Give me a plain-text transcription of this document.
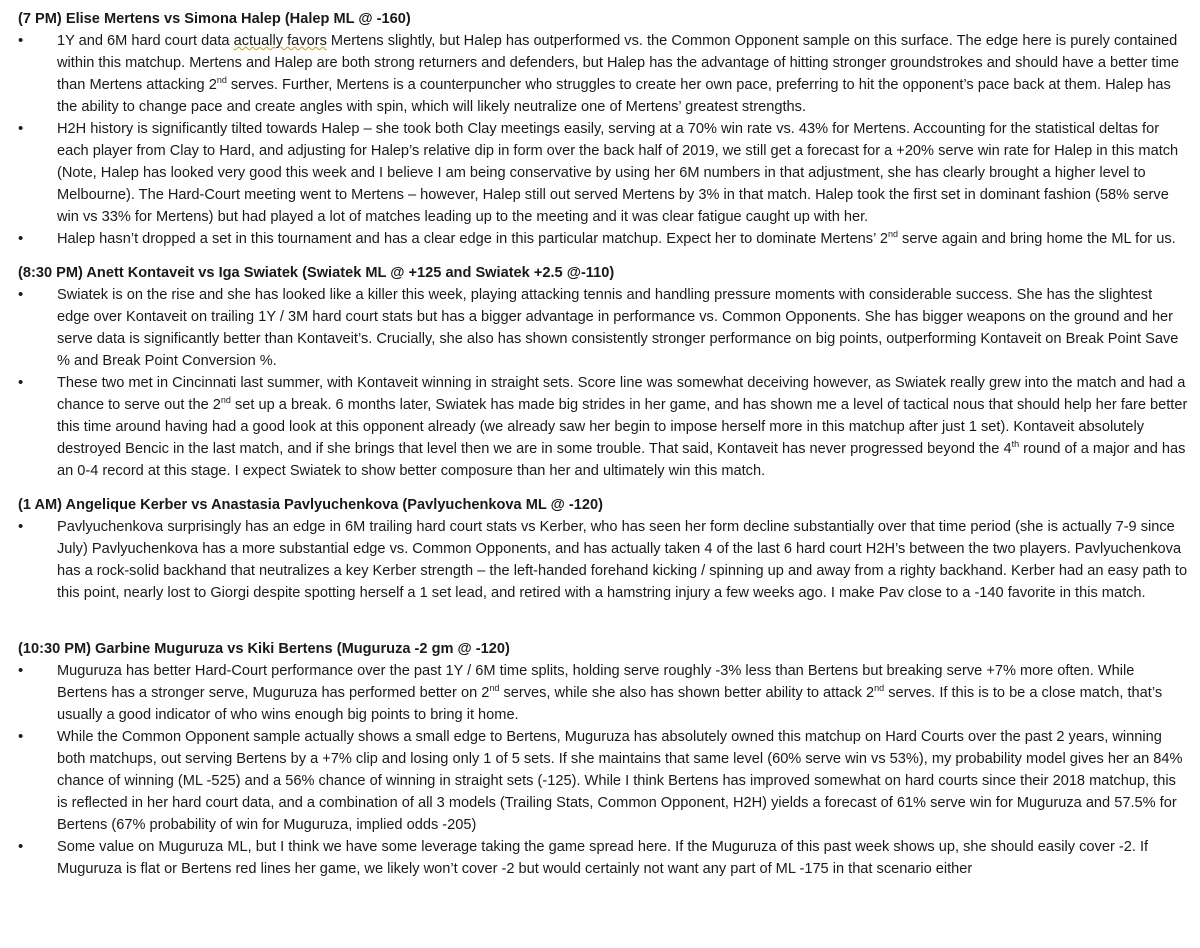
(7 PM) Elise Mertens vs Simona Halep (Halep ML @ -160)
• 1Y and 6M hard court data actually favors Mertens slightly, but Halep has outperformed vs. the Common Opponent sample on this surface. The edge here is purely contained within this matchup. Mertens and Halep are both strong returners and defenders, but Halep has the advantage of hitting stronger groundstrokes and should have a better time than Mertens attacking 2nd serves. Further, Mertens is a counterpuncher who struggles to create her own pace, preferring to hit the opponent’s pace back at them. Halep has the ability to change pace and create angles with spin, which will likely neutralize one of Mertens’ greatest strengths.
• H2H history is significantly tilted towards Halep – she took both Clay meetings easily, serving at a 70% win rate vs. 43% for Mertens. Accounting for the statistical deltas for each player from Clay to Hard, and adjusting for Halep’s relative dip in form over the back half of 2019, we still get a forecast for a +20% serve win rate for Halep in this match (Note, Halep has looked very good this week and I believe I am being conservative by using her 6M numbers in that adjustment, she has clearly brought a higher level to Melbourne). The Hard-Court meeting went to Mertens – however, Halep still out served Mertens by 3% in that match. Halep took the first set in dominant fashion (58% serve win vs 33% for Mertens) but had played a lot of matches leading up to the meeting and it was clear fatigue caught up with her.
• Halep hasn’t dropped a set in this tournament and has a clear edge in this particular matchup. Expect her to dominate Mertens’ 2nd serve again and bring home the ML for us.
(8:30 PM) Anett Kontaveit vs Iga Swiatek (Swiatek ML @ +125 and Swiatek +2.5 @-110)
• Swiatek is on the rise and she has looked like a killer this week, playing attacking tennis and handling pressure moments with considerable success. She has the slightest edge over Kontaveit on trailing 1Y / 3M hard court stats but has a bigger advantage in performance vs. Common Opponents. She has bigger weapons on the ground and her serve data is significantly better than Kontaveit’s. Crucially, she also has shown consistently stronger performance on big points, outperforming Kontaveit on Break Point Save % and Break Point Conversion %.
• These two met in Cincinnati last summer, with Kontaveit winning in straight sets. Score line was somewhat deceiving however, as Swiatek really grew into the match and had a chance to serve out the 2nd set up a break. 6 months later, Swiatek has made big strides in her game, and has shown me a level of tactical nous that should help her fare better this time around having had a good look at this opponent already (we already saw her begin to impose herself more in this matchup after just 1 set). Kontaveit absolutely destroyed Bencic in the last match, and if she brings that level then we are in some trouble. That said, Kontaveit has never progressed beyond the 4th round of a major and has an 0-4 record at this stage. I expect Swiatek to show better composure than her and ultimately win this match.
(1 AM) Angelique Kerber vs Anastasia Pavlyuchenkova (Pavlyuchenkova ML @ -120)
• Pavlyuchenkova surprisingly has an edge in 6M trailing hard court stats vs Kerber, who has seen her form decline substantially over that time period (she is actually 7-9 since July) Pavlyuchenkova has a more substantial edge vs. Common Opponents, and has actually taken 4 of the last 6 hard court H2H’s between the two players. Pavlyuchenkova has a rock-solid backhand that neutralizes a key Kerber strength – the left-handed forehand kicking / spinning up and away from a righty backhand. Kerber had an easy path to this point, nearly lost to Giorgi despite spotting herself a 1 set lead, and retired with a hamstring injury a few weeks ago. I make Pav close to a -140 favorite in this match.
(10:30 PM) Garbine Muguruza vs Kiki Bertens (Muguruza -2 gm @ -120)
• Muguruza has better Hard-Court performance over the past 1Y / 6M time splits, holding serve roughly -3% less than Bertens but breaking serve +7% more often. While Bertens has a stronger serve, Muguruza has performed better on 2nd serves, while she also has shown better ability to attack 2nd serves. If this is to be a close match, that’s usually a good indicator of who wins enough big points to bring it home.
• While the Common Opponent sample actually shows a small edge to Bertens, Muguruza has absolutely owned this matchup on Hard Courts over the past 2 years, winning both matchups, out serving Bertens by a +7% clip and losing only 1 of 5 sets. If she maintains that same level (60% serve win vs 53%), my probability model gives her an 84% chance of winning (ML -525) and a 56% chance of winning in straight sets (-125). While I think Bertens has improved somewhat on hard courts since their 2018 matchup, this is reflected in her hard court data, and a combination of all 3 models (Trailing Stats, Common Opponent, H2H) yields a forecast of 61% serve win for Muguruza and 57.5% for Bertens (67% probability of win for Muguruza, implied odds -205)
• Some value on Muguruza ML, but I think we have some leverage taking the game spread here. If the Muguruza of this past week shows up, she should easily cover -2. If Muguruza is flat or Bertens red lines her game, we likely won’t cover -2 but would certainly not want any part of ML -175 in that scenario either
